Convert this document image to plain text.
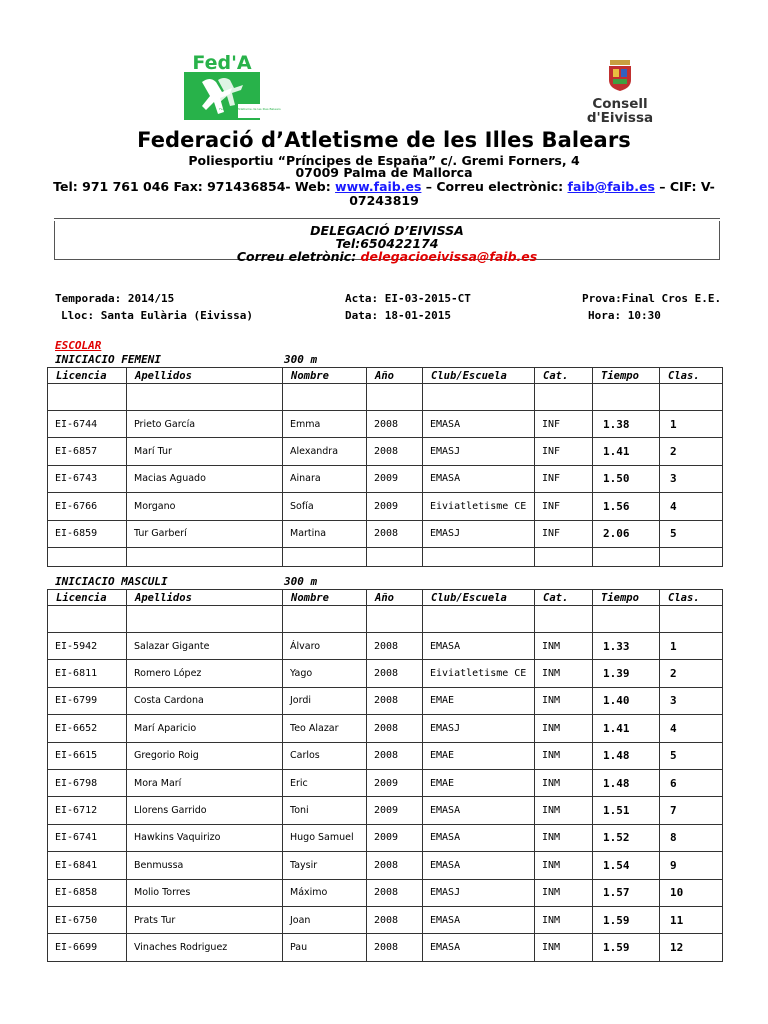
Fed'A
Federació d'Atletisme de les Illes Balears	Consell
d'Eivissa
Federació d’Atletisme de les Illes Balears
Poliesportiu “Príncipes de España” c/. Gremi Forners, 4
07009 Palma de Mallorca
Tel: 971 761 046 Fax: 971436854- Web: www.faib.es – Correu electrònic: faib@faib.es – CIF: V-
07243819
DELEGACIÓ D’EIVISSA
Tel:650422174
Correu eletrònic: delegacioeivissa@faib.es
Temporada: 2014/15	Acta: EI-03-2015-CT	Prova:Final Cros E.E.
Lloc: Santa Eulària (Eivissa)	Data: 18-01-2015	Hora: 10:30
ESCOLAR
INICIACIO FEMENI	300 m
Licencia	Apellidos	Nombre	Año	Club/Escuela	Cat.	Tiempo	Clas.

EI-6744	Prieto García	Emma	2008	EMASA	INF	1.38	1
EI-6857	Marí Tur	Alexandra	2008	EMASJ	INF	1.41	2
EI-6743	Macias Aguado	Ainara	2009	EMASA	INF	1.50	3
EI-6766	Morgano	Sofía	2009	Eiviatletisme CE	INF	1.56	4
EI-6859	Tur Garberí	Martina	2008	EMASJ	INF	2.06	5

INICIACIO MASCULI	300 m
Licencia	Apellidos	Nombre	Año	Club/Escuela	Cat.	Tiempo	Clas.

EI-5942	Salazar Gigante	Álvaro	2008	EMASA	INM	1.33	1
EI-6811	Romero López	Yago	2008	Eiviatletisme CE	INM	1.39	2
EI-6799	Costa Cardona	Jordi	2008	EMAE	INM	1.40	3
EI-6652	Marí Aparicio	Teo Alazar	2008	EMASJ	INM	1.41	4
EI-6615	Gregorio Roig	Carlos	2008	EMAE	INM	1.48	5
EI-6798	Mora Marí	Eric	2009	EMAE	INM	1.48	6
EI-6712	Llorens Garrido	Toni	2009	EMASA	INM	1.51	7
EI-6741	Hawkins Vaquirizo	Hugo Samuel	2009	EMASA	INM	1.52	8
EI-6841	Benmussa	Taysir	2008	EMASA	INM	1.54	9
EI-6858	Molio Torres	Máximo	2008	EMASJ	INM	1.57	10
EI-6750	Prats Tur	Joan	2008	EMASA	INM	1.59	11
EI-6699	Vinaches Rodriguez	Pau	2008	EMASA	INM	1.59	12
